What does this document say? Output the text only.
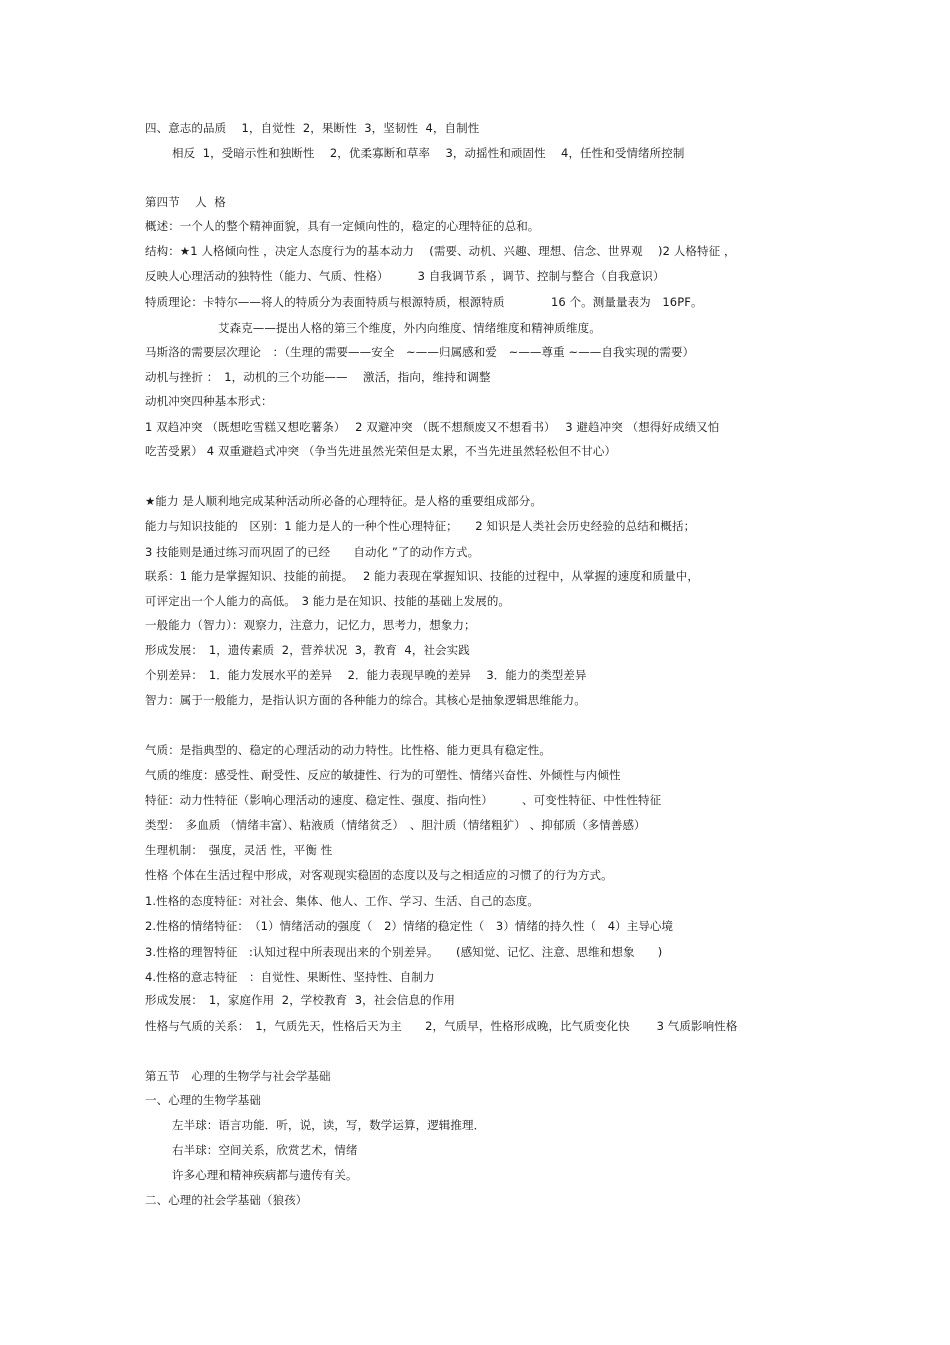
四、意志的品质　 1，自觉性  2，果断性  3，坚韧性  4，自制性
相反  1，受暗示性和独断性　 2，优柔寡断和草率　 3，动摇性和顽固性　 4，任性和受情绪所控制
第四节　 人  格
概述：一个人的整个精神面貌，具有一定倾向性的，稳定的心理特征的总和。
结构：★1 人格倾向性 ，决定人态度行为的基本动力　 (需要、动机、兴趣、理想、信念、世界观　 )2 人格特征 ，
反映人心理活动的独特性（能力、气质、性格）　　　3 自我调节系 ，调节、控制与整合（自我意识）
特质理论：卡特尔——将人的特质分为表面特质与根源特质，根源特质　　　　16 个。测量量表为　16PF。
艾森克——提出人格的第三个维度，外内向维度、情绪维度和精神质维度。
马斯洛的需要层次理论　：（生理的需要——安全　~——归属感和爱　~——尊重 ~——自我实现的需要）
动机与挫折 ：　1，动机的三个功能——　 激活，指向，维持和调整
动机冲突四种基本形式：
1 双趋冲突 （既想吃雪糕又想吃薯条）　 2 双避冲突 （既不想颓废又不想看书）　 3 避趋冲突 （想得好成绩又怕
吃苦受累） 4 双重避趋式冲突 （争当先进虽然光荣但是太累，不当先进虽然轻松但不甘心）
★能力 是人顺利地完成某种活动所必备的心理特征。是人格的重要组成部分。
能力与知识技能的　区别：1 能力是人的一种个性心理特征；　　2 知识是人类社会历史经验的总结和概括；
3 技能则是通过练习而巩固了的已经　　自动化 ”了的动作方式。
联系：1 能力是掌握知识、技能的前提。　 2 能力表现在掌握知识、技能的过程中，从掌握的速度和质量中，
可评定出一个人能力的高低。　3 能力是在知识、技能的基础上发展的。
一般能力（智力）：观察力，注意力，记忆力，思考力，想象力；
形成发展：　1，遗传素质  2，营养状况  3，教育  4，社会实践
个别差异：　1．能力发展水平的差异　 2．能力表现早晚的差异　 3．能力的类型差异
智力：属于一般能力，是指认识方面的各种能力的综合。其核心是抽象逻辑思维能力。
气质：是指典型的、稳定的心理活动的动力特性。比性格、能力更具有稳定性。
气质的维度：感受性、耐受性、反应的敏捷性、行为的可塑性、情绪兴奋性、外倾性与内倾性
特征：动力性特征（影响心理活动的速度、稳定性、强度、指向性）　　　、可变性特征、中性性特征
类型：　多血质 （情绪丰富）、粘液质（情绪贫乏）　、胆汁质（情绪粗犷） 、抑郁质（多情善感）
生理机制：　强度，灵活 性，平衡 性
性格 个体在生活过程中形成，对客观现实稳固的态度以及与之相适应的习惯了的行为方式。
1.性格的态度特征：对社会、集体、他人、工作、学习、生活、自己的态度。
2.性格的情绪特征：　（1）情绪活动的强度（　2）情绪的稳定性（　3）情绪的持久性（　4）主导心境
3.性格的理智特征　:认知过程中所表现出来的个别差异。　　(感知觉、记忆、注意、思维和想象　　)
4.性格的意志特征　：自觉性、果断性、坚持性、自制力
形成发展：　1，家庭作用  2，学校教育  3，社会信息的作用
性格与气质的关系：　1，气质先天，性格后天为主　　2，气质早，性格形成晚，比气质变化快　　 3 气质影响性格
第五节　心理的生物学与社会学基础
一、心理的生物学基础
左半球：语言功能．听，说，读，写，数学运算，逻辑推理．
右半球：空间关系，欣赏艺术，情绪
许多心理和精神疾病都与遗传有关。
二、心理的社会学基础（狼孩）
